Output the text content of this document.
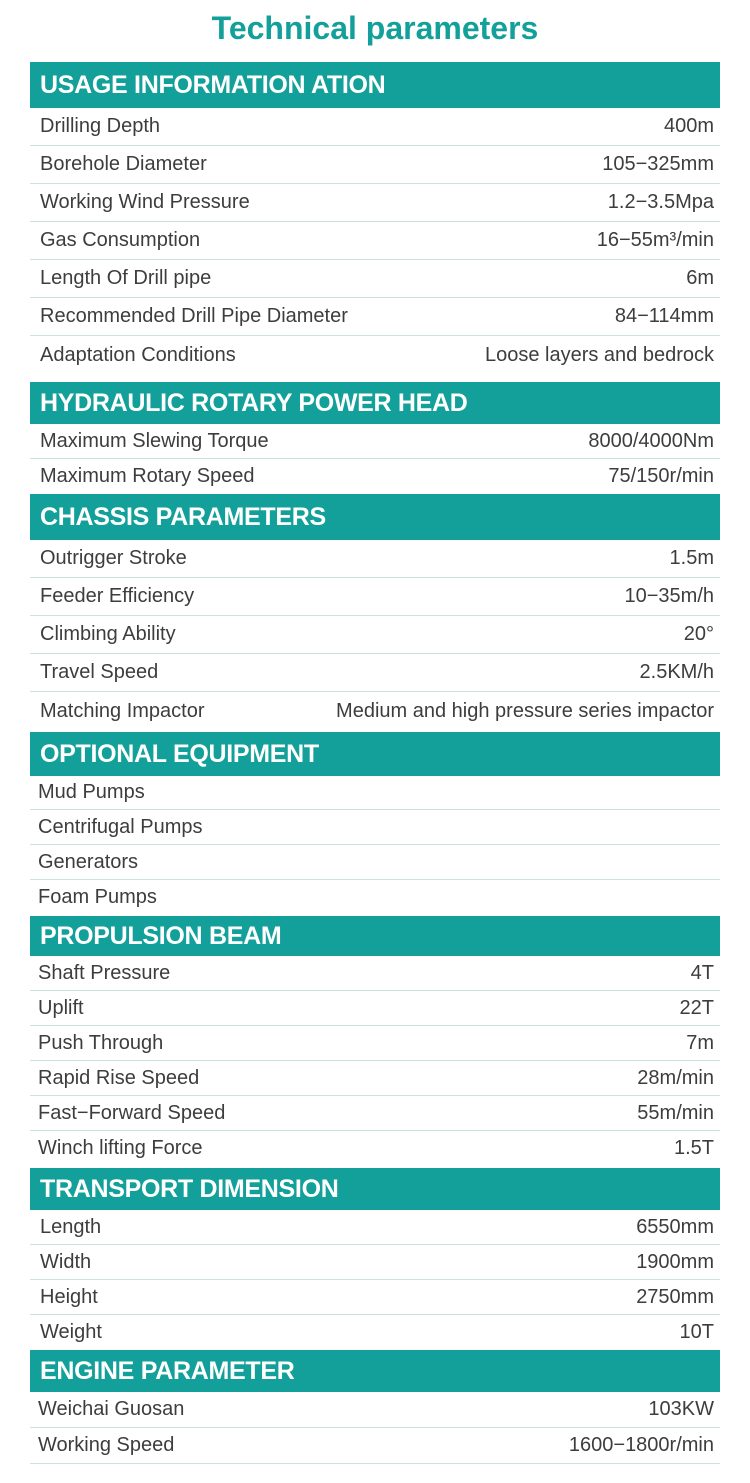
Technical parameters
USAGE INFORMATION ATION
Drilling Depth	400m
Borehole Diameter	105−325mm
Working Wind Pressure	1.2−3.5Mpa
Gas Consumption	16−55m³/min
Length Of Drill pipe	6m
Recommended Drill Pipe Diameter	84−114mm
Adaptation Conditions	Loose layers and bedrock
HYDRAULIC ROTARY POWER HEAD
Maximum Slewing Torque	8000/4000Nm
Maximum Rotary Speed	75/150r/min
CHASSIS PARAMETERS
Outrigger Stroke	1.5m
Feeder Efficiency	10−35m/h
Climbing Ability	20°
Travel Speed	2.5KM/h
Matching Impactor	Medium and high pressure series impactor
OPTIONAL EQUIPMENT
Mud Pumps
Centrifugal Pumps
Generators
Foam Pumps
PROPULSION BEAM
Shaft Pressure	4T
Uplift	22T
Push Through	7m
Rapid Rise Speed	28m/min
Fast−Forward Speed	55m/min
Winch lifting Force	1.5T
TRANSPORT DIMENSION
Length	6550mm
Width	1900mm
Height	2750mm
Weight	10T
ENGINE PARAMETER
Weichai Guosan	103KW
Working Speed	1600−1800r/min
